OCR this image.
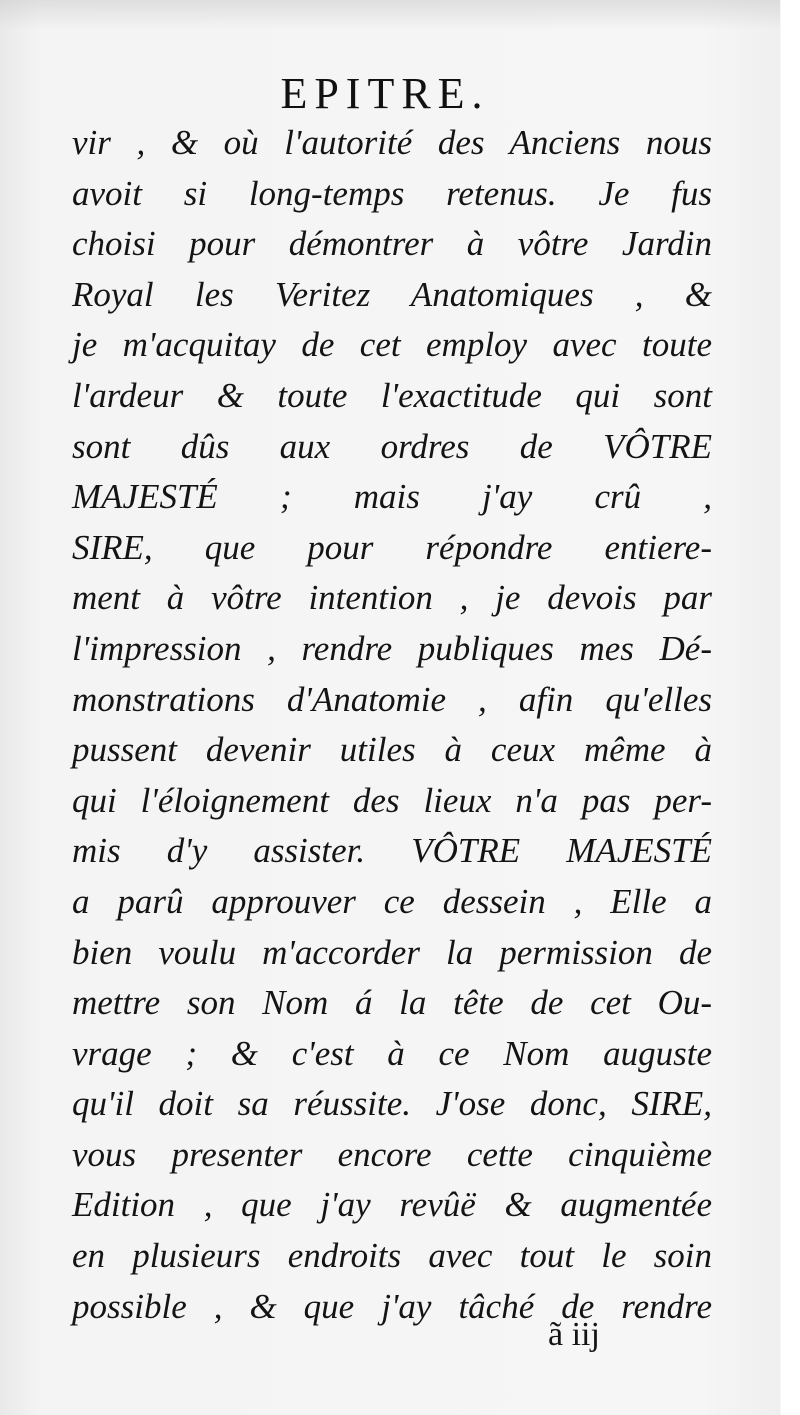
EPITRE.
vir , & où l'autorité des Anciens nous
avoit si long-temps retenus. Je fus
choisi pour démontrer à vôtre Jardin
Royal les Veritez Anatomiques , &
je m'acquitay de cet employ avec toute
l'ardeur & toute l'exactitude qui sont
sont dûs aux ordres de VÔTRE
MAJESTÉ ; mais j'ay crû ,
SIRE, que pour répondre entiere-
ment à vôtre intention , je devois par
l'impression , rendre publiques mes Dé-
monstrations d'Anatomie , afin qu'elles
pussent devenir utiles à ceux même à
qui l'éloignement des lieux n'a pas per-
mis d'y assister. VÔTRE MAJESTÉ
a parû approuver ce dessein , Elle a
bien voulu m'accorder la permission de
mettre son Nom á la tête de cet Ou-
vrage ; & c'est à ce Nom auguste
qu'il doit sa réussite. J'ose donc, SIRE,
vous presenter encore cette cinquième
Edition , que j'ay revûë & augmentée
en plusieurs endroits avec tout le soin
possible , & que j'ay tâché de rendre
ã iij
